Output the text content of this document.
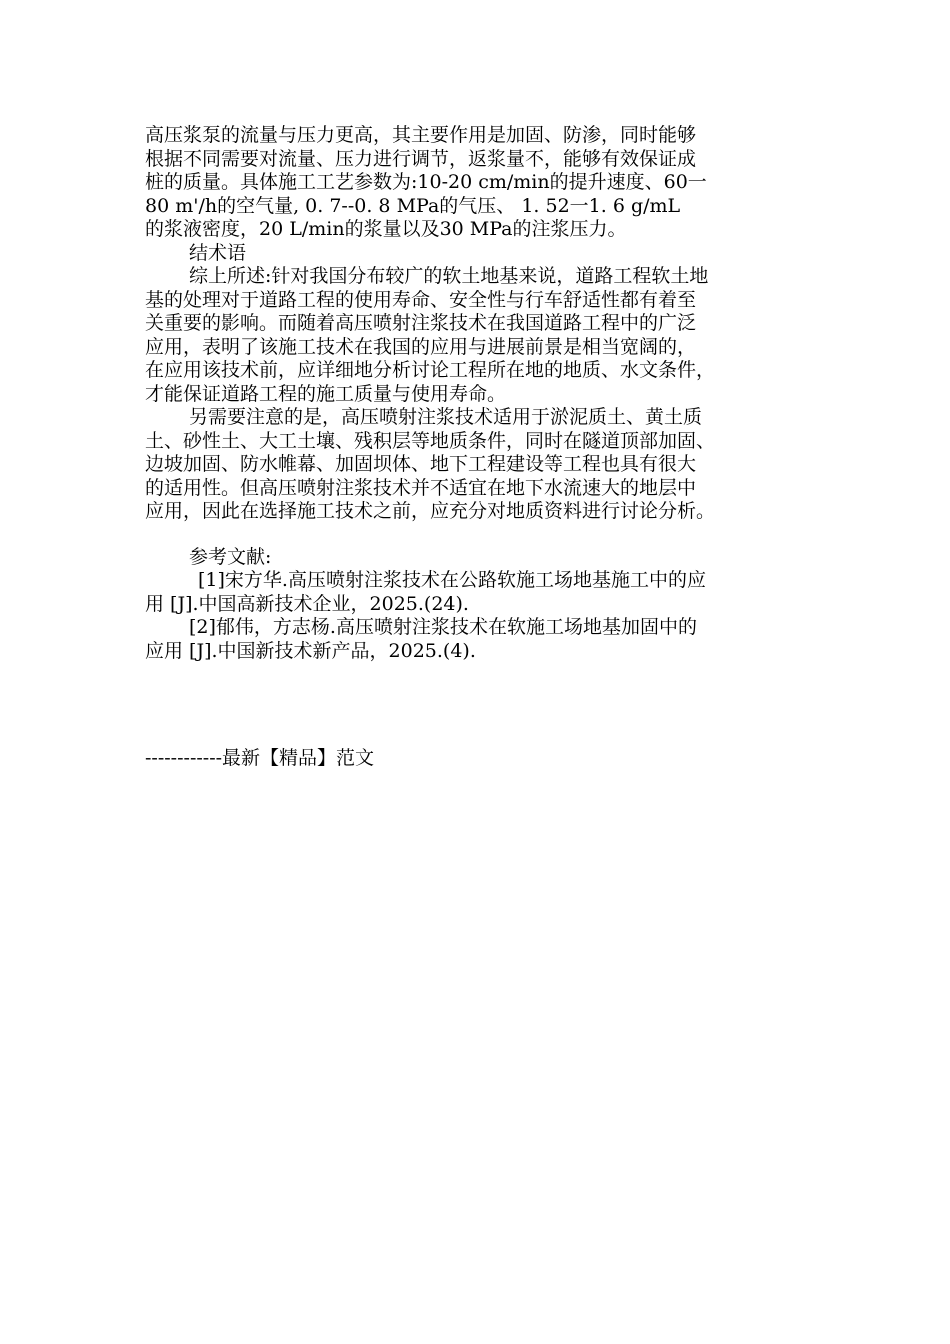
高压浆泵的流量与压力更高，其主要作用是加固、防渗，同时能够
根据不同需要对流量、压力进行调节，返浆量不，能够有效保证成
桩的质量。具体施工工艺参数为:10-20 cm/min的提升速度、60一
80 m'/h的空气量, 0. 7--0. 8 MPa的气压、 1. 52一1. 6 g/mL
的浆液密度，20 L/min的浆量以及30 MPa的注浆压力。
结术语
综上所述:针对我国分布较广的软土地基来说，道路工程软土地
基的处理对于道路工程的使用寿命、安全性与行车舒适性都有着至
关重要的影响。而随着高压喷射注浆技术在我国道路工程中的广泛
应用，表明了该施工技术在我国的应用与进展前景是相当宽阔的，
在应用该技术前，应详细地分析讨论工程所在地的地质、水文条件，
才能保证道路工程的施工质量与使用寿命。
另需要注意的是，高压喷射注浆技术适用于淤泥质土、黄土质
土、砂性土、大工土壤、残积层等地质条件，同时在隧道顶部加固、
边坡加固、防水帷幕、加固坝体、地下工程建设等工程也具有很大
的适用性。但高压喷射注浆技术并不适宜在地下水流速大的地层中
应用，因此在选择施工技术之前，应充分对地质资料进行讨论分析。
参考文献:
[1]宋方华.高压喷射注浆技术在公路软施工场地基施工中的应
用 [J].中国高新技术企业，2025.(24).
[2]郁伟，方志杨.高压喷射注浆技术在软施工场地基加固中的
应用 [J].中国新技术新产品，2025.(4).
------------最新【精品】范文
